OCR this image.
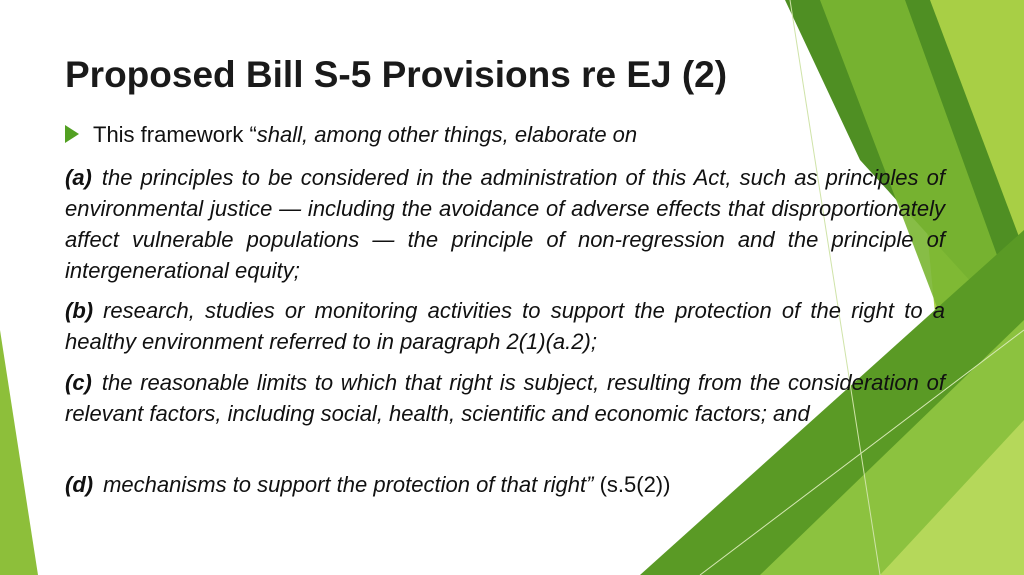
Proposed Bill S-5 Provisions re EJ (2)
This framework “shall, among other things, elaborate on
(a) the principles to be considered in the administration of this Act, such as principles of environmental justice — including the avoidance of adverse effects that disproportionately affect vulnerable populations — the principle of non-regression and the principle of intergenerational equity;
(b) research, studies or monitoring activities to support the protection of the right to a healthy environment referred to in paragraph 2(1)(a.2);
(c) the reasonable limits to which that right is subject, resulting from the consideration of relevant factors, including social, health, scientific and economic factors; and
(d) mechanisms to support the protection of that right” (s.5(2))
